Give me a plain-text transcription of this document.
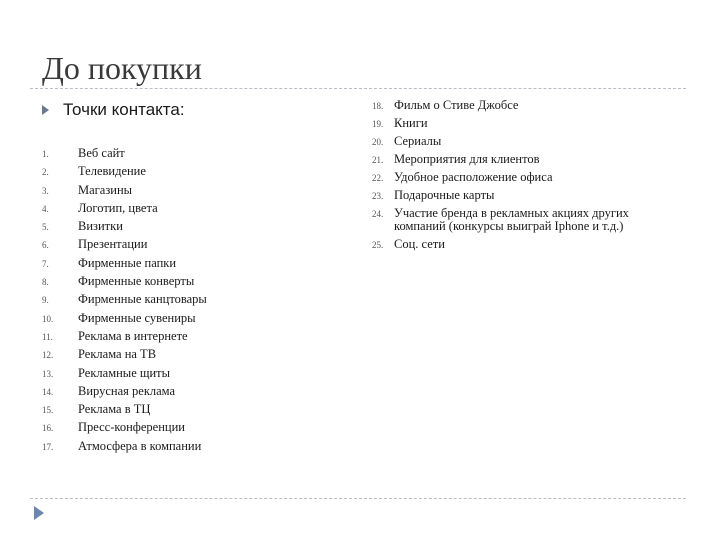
До покупки
Точки контакта:
1. Веб сайт
2. Телевидение
3. Магазины
4. Логотип, цвета
5. Визитки
6. Презентации
7. Фирменные папки
8. Фирменные конверты
9. Фирменные канцтовары
10. Фирменные сувениры
11. Реклама в интернете
12. Реклама на ТВ
13. Рекламные щиты
14. Вирусная реклама
15. Реклама в ТЦ
16. Пресс-конференции
17. Атмосфера в компании
18. Фильм о Стиве Джобсе
19. Книги
20. Сериалы
21. Мероприятия для клиентов
22. Удобное расположение офиса
23. Подарочные карты
24. Участие бренда в рекламных акциях других компаний (конкурсы выиграй Iphone и т.д.)
25. Соц. сети
